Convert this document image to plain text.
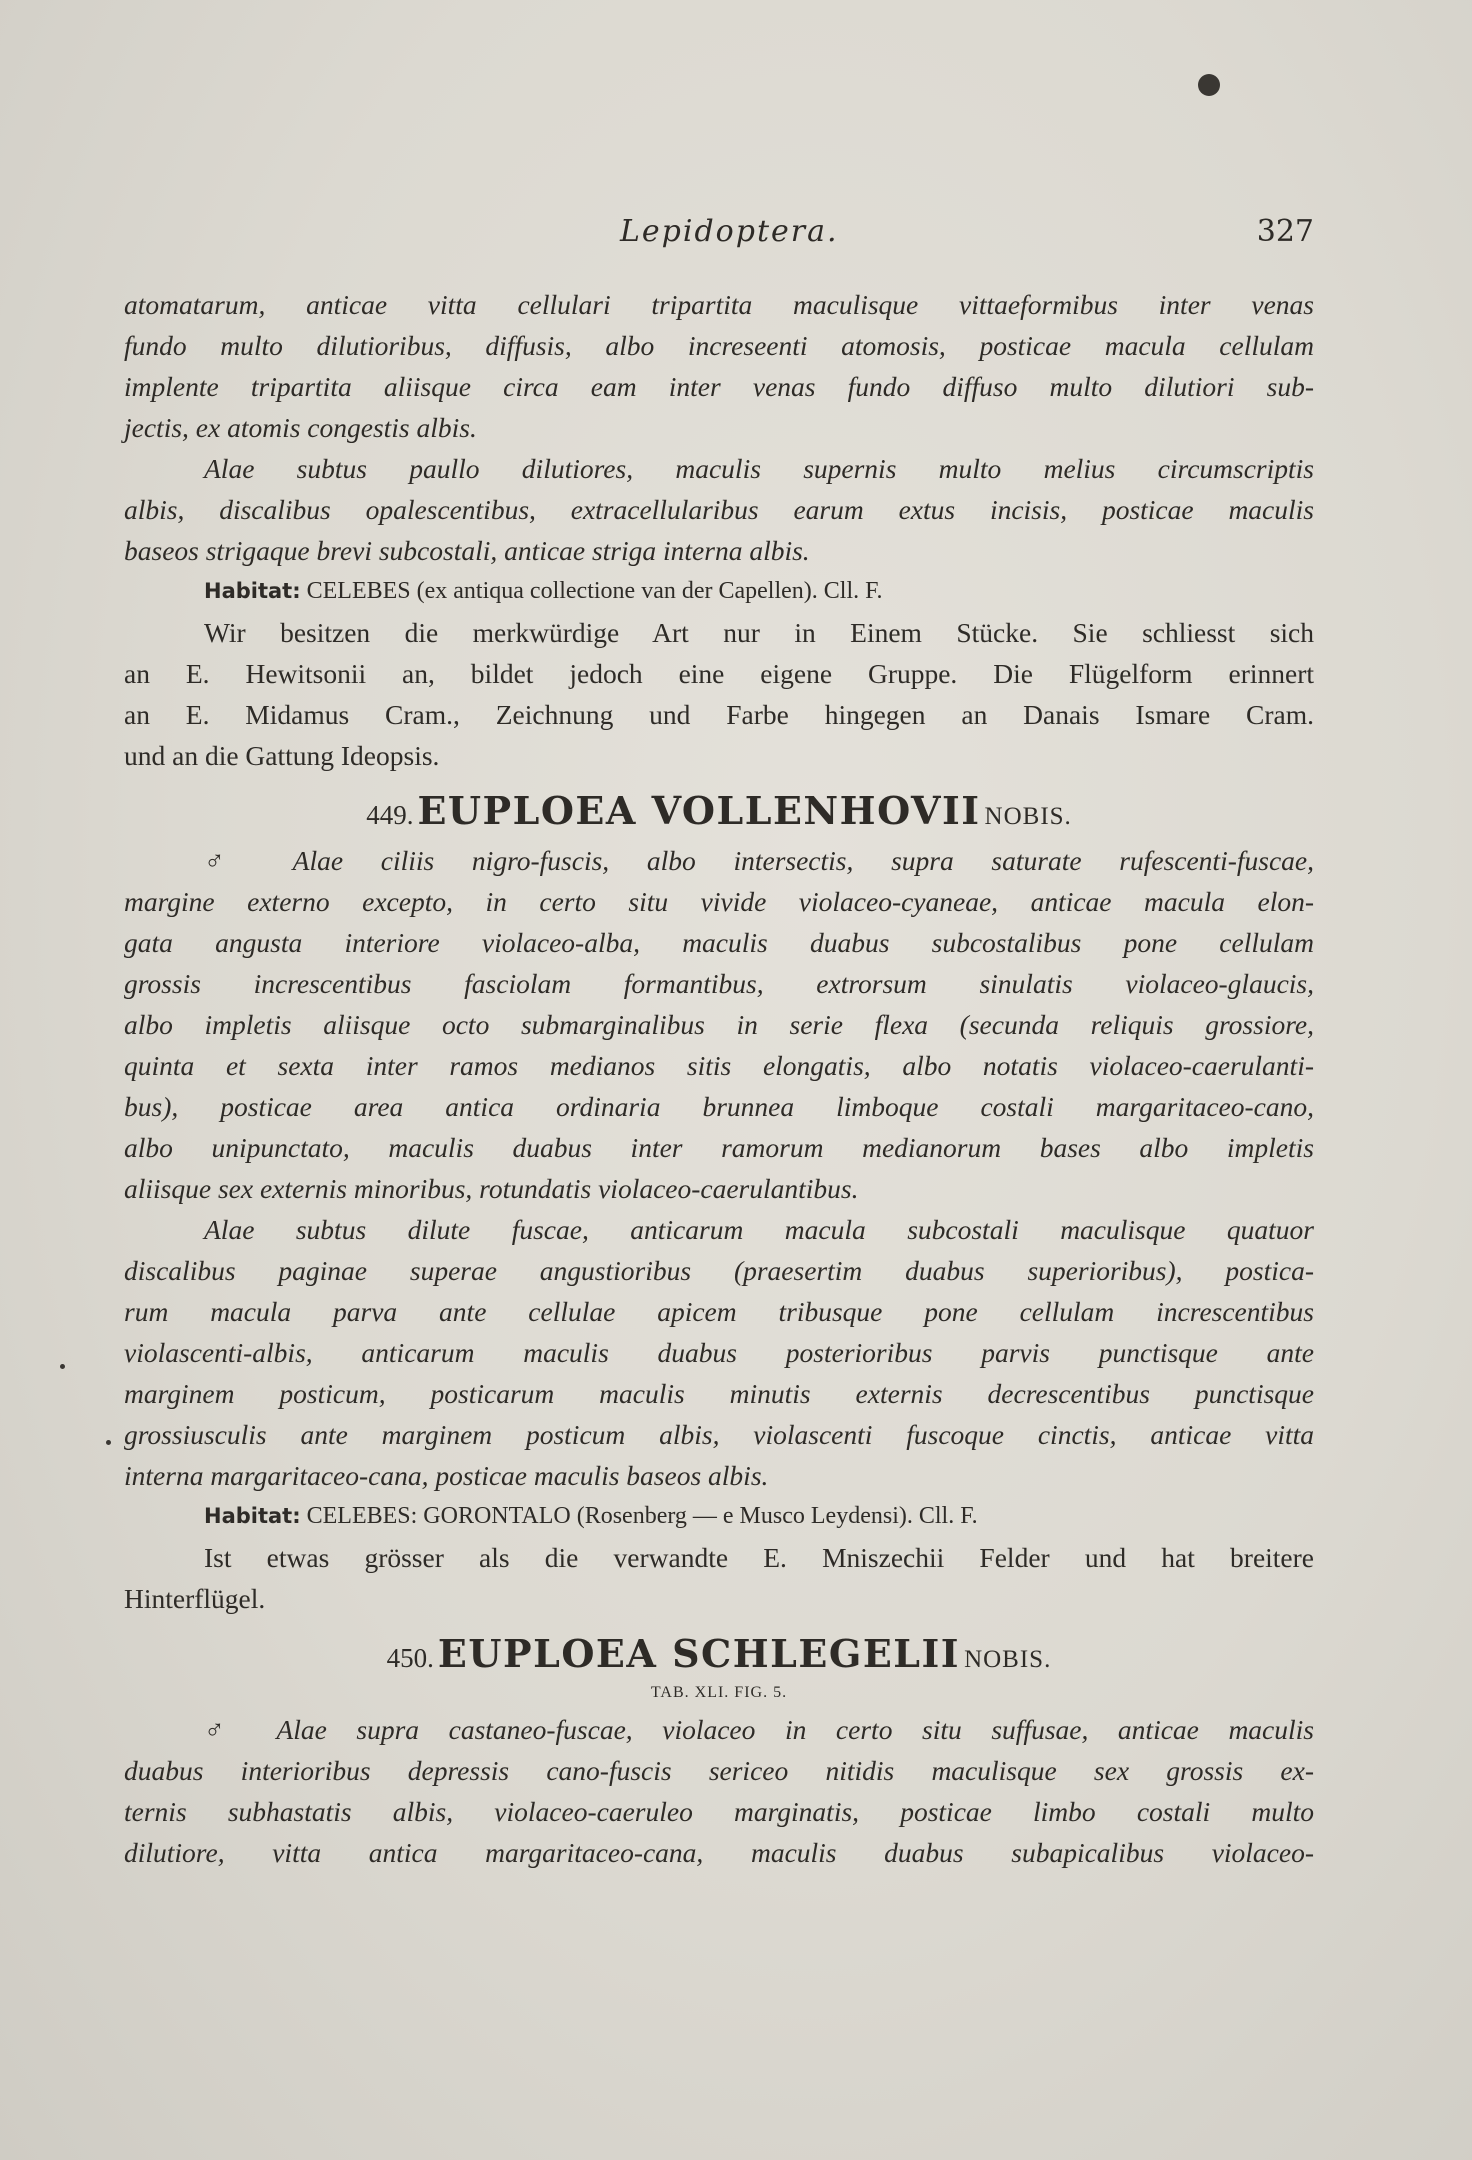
Lepidoptera.	327
atomatarum, anticae vitta cellulari tripartita maculisque vittaeformibus inter venas
fundo multo dilutioribus, diffusis, albo increseenti atomosis, posticae macula cellulam
implente tripartita aliisque circa eam inter venas fundo diffuso multo dilutiori sub-
jectis, ex atomis congestis albis.
Alae subtus paullo dilutiores, maculis supernis multo melius circumscriptis
albis, discalibus opalescentibus, extracellularibus earum extus incisis, posticae maculis
baseos strigaque brevi subcostali, anticae striga interna albis.
Habitat: CELEBES (ex antiqua collectione van der Capellen). Cll. F.
Wir besitzen die merkwürdige Art nur in Einem Stücke. Sie schliesst sich
an E. Hewitsonii an, bildet jedoch eine eigene Gruppe. Die Flügelform erinnert
an E. Midamus Cram., Zeichnung und Farbe hingegen an Danais Ismare Cram.
und an die Gattung Ideopsis.
449. EUPLOEA VOLLENHOVII NOBIS.
♂ Alae ciliis nigro-fuscis, albo intersectis, supra saturate rufescenti-fuscae,
margine externo excepto, in certo situ vivide violaceo-cyaneae, anticae macula elon-
gata angusta interiore violaceo-alba, maculis duabus subcostalibus pone cellulam
grossis increscentibus fasciolam formantibus, extrorsum sinulatis violaceo-glaucis,
albo impletis aliisque octo submarginalibus in serie flexa (secunda reliquis grossiore,
quinta et sexta inter ramos medianos sitis elongatis, albo notatis violaceo-caerulanti-
bus), posticae area antica ordinaria brunnea limboque costali margaritaceo-cano,
albo unipunctato, maculis duabus inter ramorum medianorum bases albo impletis
aliisque sex externis minoribus, rotundatis violaceo-caerulantibus.
Alae subtus dilute fuscae, anticarum macula subcostali maculisque quatuor
discalibus paginae superae angustioribus (praesertim duabus superioribus), postica-
rum macula parva ante cellulae apicem tribusque pone cellulam increscentibus
violascenti-albis, anticarum maculis duabus posterioribus parvis punctisque ante
marginem posticum, posticarum maculis minutis externis decrescentibus punctisque
grossiusculis ante marginem posticum albis, violascenti fuscoque cinctis, anticae vitta
interna margaritaceo-cana, posticae maculis baseos albis.
Habitat: CELEBES: GORONTALO (Rosenberg — e Musco Leydensi). Cll. F.
Ist etwas grösser als die verwandte E. Mniszechii Felder und hat breitere
Hinterflügel.
450. EUPLOEA SCHLEGELII NOBIS.
TAB. XLI. FIG. 5.
♂ Alae supra castaneo-fuscae, violaceo in certo situ suffusae, anticae maculis
duabus interioribus depressis cano-fuscis sericeo nitidis maculisque sex grossis ex-
ternis subhastatis albis, violaceo-caeruleo marginatis, posticae limbo costali multo
dilutiore, vitta antica margaritaceo-cana, maculis duabus subapicalibus violaceo-
